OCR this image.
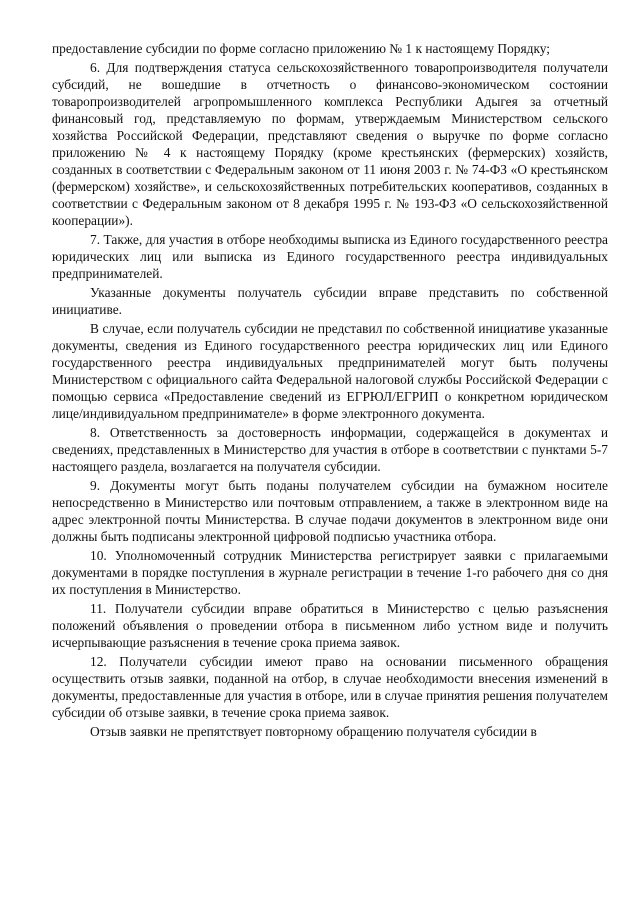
предоставление субсидии по форме согласно приложению № 1 к настоящему Порядку;

6. Для подтверждения статуса сельскохозяйственного товаропроизводителя получатели субсидий, не вошедшие в отчетность о финансово-экономическом состоянии товаропроизводителей агропромышленного комплекса Республики Адыгея за отчетный финансовый год, представляемую по формам, утверждаемым Министерством сельского хозяйства Российской Федерации, представляют сведения о выручке по форме согласно приложению № 4 к настоящему Порядку (кроме крестьянских (фермерских) хозяйств, созданных в соответствии с Федеральным законом от 11 июня 2003 г. № 74-ФЗ «О крестьянском (фермерском) хозяйстве», и сельскохозяйственных потребительских кооперативов, созданных в соответствии с Федеральным законом от 8 декабря 1995 г. № 193-ФЗ «О сельскохозяйственной кооперации»).

7. Также, для участия в отборе необходимы выписка из Единого государственного реестра юридических лиц или выписка из Единого государственного реестра индивидуальных предпринимателей.

Указанные документы получатель субсидии вправе представить по собственной инициативе.

В случае, если получатель субсидии не представил по собственной инициативе указанные документы, сведения из Единого государственного реестра юридических лиц или Единого государственного реестра индивидуальных предпринимателей могут быть получены Министерством с официального сайта Федеральной налоговой службы Российской Федерации с помощью сервиса «Предоставление сведений из ЕГРЮЛ/ЕГРИП о конкретном юридическом лице/индивидуальном предпринимателе» в форме электронного документа.

8. Ответственность за достоверность информации, содержащейся в документах и сведениях, представленных в Министерство для участия в отборе в соответствии с пунктами 5-7 настоящего раздела, возлагается на получателя субсидии.

9. Документы могут быть поданы получателем субсидии на бумажном носителе непосредственно в Министерство или почтовым отправлением, а также в электронном виде на адрес электронной почты Министерства. В случае подачи документов в электронном виде они должны быть подписаны электронной цифровой подписью участника отбора.

10. Уполномоченный сотрудник Министерства регистрирует заявки с прилагаемыми документами в порядке поступления в журнале регистрации в течение 1-го рабочего дня со дня их поступления в Министерство.

11. Получатели субсидии вправе обратиться в Министерство с целью разъяснения положений объявления о проведении отбора в письменном либо устном виде и получить исчерпывающие разъяснения в течение срока приема заявок.

12. Получатели субсидии имеют право на основании письменного обращения осуществить отзыв заявки, поданной на отбор, в случае необходимости внесения изменений в документы, предоставленные для участия в отборе, или в случае принятия решения получателем субсидии об отзыве заявки, в течение срока приема заявок.

Отзыв заявки не препятствует повторному обращению получателя субсидии в
